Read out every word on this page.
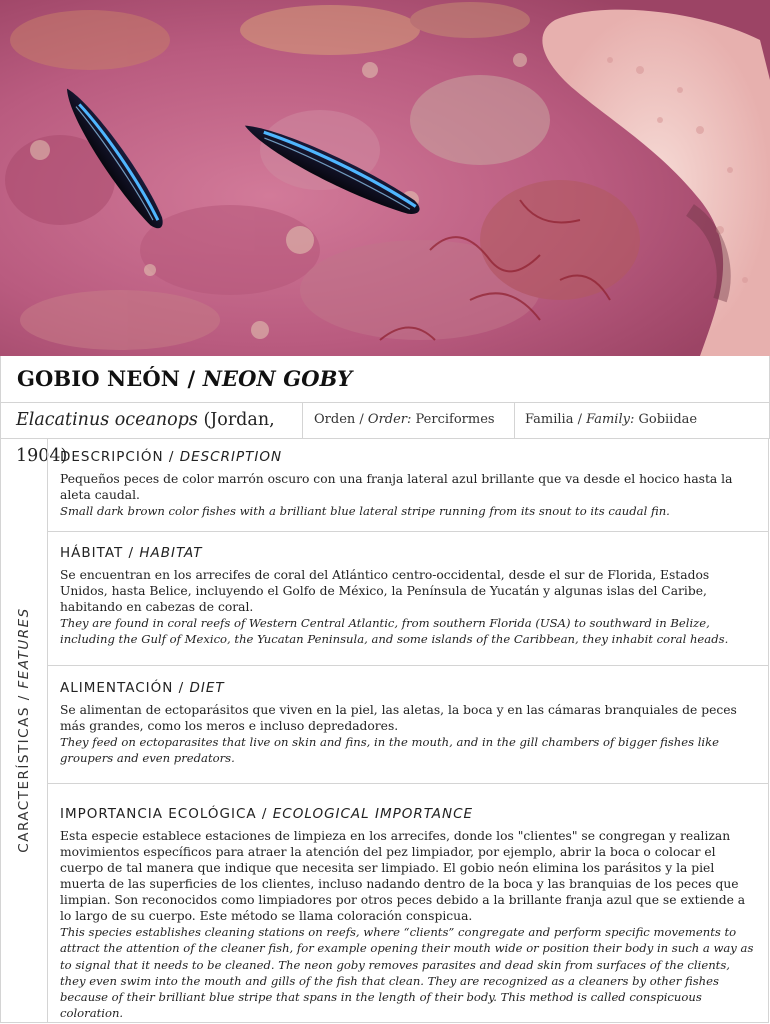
GOBIO NEÓN / NEON GOBY
Elacatinus oceanops (Jordan, 1904)
Orden / Order: Perciformes	Familia / Family: Gobiidae
CARACTERÍSTICAS / FEATURES
DESCRIPCIÓN / DESCRIPTION

Pequeños peces de color marrón oscuro con una franja lateral azul brillante que va desde el hocico hasta la aleta caudal.

Small dark brown color fishes with a brilliant blue lateral stripe running from its snout to its caudal fin.

HÁBITAT / HABITAT

Se encuentran en los arrecifes de coral del Atlántico centro-occidental, desde el sur de Florida, Estados Unidos, hasta Belice, incluyendo el Golfo de México, la Península de Yucatán y algunas islas del Caribe, habitando en cabezas de coral.

They are found in coral reefs of Western Central Atlantic, from southern Florida (USA) to southward in Belize, including the Gulf of Mexico, the Yucatan Peninsula, and some islands of the Caribbean, they inhabit coral heads.

ALIMENTACIÓN / DIET

Se alimentan de ectoparásitos que viven en la piel, las aletas, la boca y en las cámaras branquiales de peces más grandes, como los meros e incluso depredadores.

They feed on ectoparasites that live on skin and fins, in the mouth, and in the gill chambers of bigger fishes like groupers and even predators.

IMPORTANCIA ECOLÓGICA / ECOLOGICAL IMPORTANCE

Esta especie establece estaciones de limpieza en los arrecifes, donde los "clientes" se congregan y realizan movimientos específicos para atraer la atención del pez limpiador, por ejemplo, abrir la boca o colocar el cuerpo de tal manera que indique que necesita ser limpiado. El gobio neón elimina los parásitos y la piel muerta de las superficies de los clientes, incluso nadando dentro de la boca y las branquias de los peces que limpian. Son reconocidos como limpiadores por otros peces debido a la brillante franja azul que se extiende a lo largo de su cuerpo. Este método se llama coloración conspicua.

This species establishes cleaning stations on reefs, where “clients” congregate and perform specific movements to attract the attention of the cleaner fish, for example opening their mouth wide or position their body in such a way as to signal that it needs to be cleaned. The neon goby removes parasites and dead skin from surfaces of the clients, they even swim into the mouth and gills of the fish that clean. They are recognized as a cleaners by other fishes because of their brilliant blue stripe that spans in the length of their body. This method is called conspicuous coloration.
